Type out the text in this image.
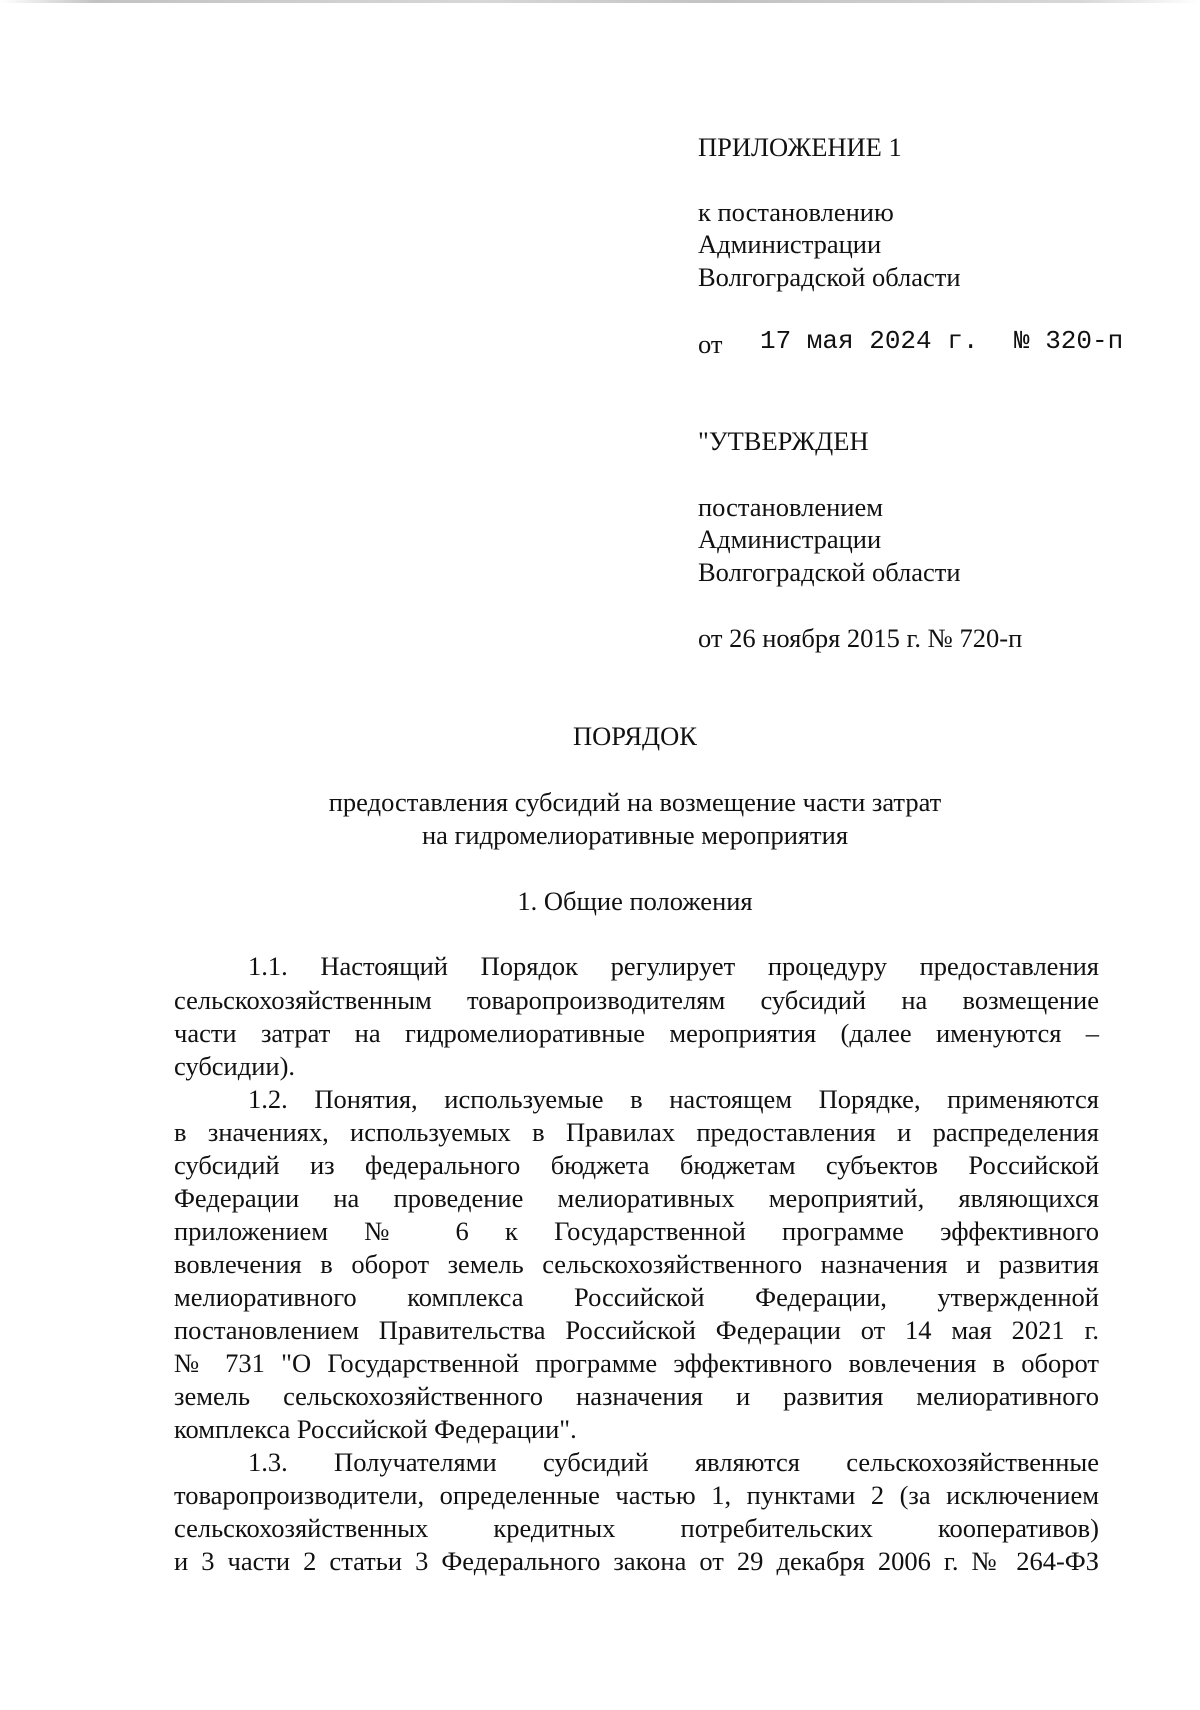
ПРИЛОЖЕНИЕ 1
к постановлению
Администрации
Волгоградской области
от 17 мая 2024 г. № 320-п
"УТВЕРЖДЕН
постановлением
Администрации
Волгоградской области
от 26 ноября 2015 г. № 720-п
ПОРЯДОК
предоставления субсидий на возмещение части затрат
на гидромелиоративные мероприятия
1. Общие положения
1.1. Настоящий Порядок регулирует процедуру предоставления
сельскохозяйственным товаропроизводителям субсидий на возмещение
части затрат на гидромелиоративные мероприятия (далее именуются –
субсидии).
1.2. Понятия, используемые в настоящем Порядке, применяются
в значениях, используемых в Правилах предоставления и распределения
субсидий из федерального бюджета бюджетам субъектов Российской
Федерации на проведение мелиоративных мероприятий, являющихся
приложением № 6 к Государственной программе эффективного
вовлечения в оборот земель сельскохозяйственного назначения и развития
мелиоративного комплекса Российской Федерации, утвержденной
постановлением Правительства Российской Федерации от 14 мая 2021 г.
№ 731 "О Государственной программе эффективного вовлечения в оборот
земель сельскохозяйственного назначения и развития мелиоративного
комплекса Российской Федерации".
1.3. Получателями субсидий являются сельскохозяйственные
товаропроизводители, определенные частью 1, пунктами 2 (за исключением
сельскохозяйственных кредитных потребительских кооперативов)
и 3 части 2 статьи 3 Федерального закона от 29 декабря 2006 г. № 264-ФЗ
